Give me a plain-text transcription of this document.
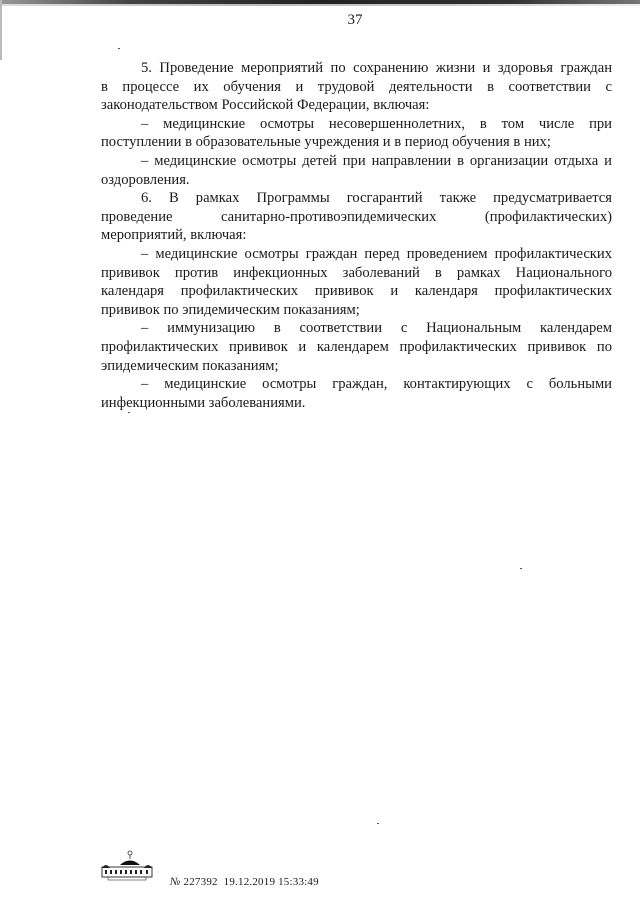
37
5. Проведение мероприятий по сохранению жизни и здоровья граждан
в процессе их обучения и трудовой деятельности в соответствии с
законодательством Российской Федерации, включая:
– медицинские осмотры несовершеннолетних, в том числе при
поступлении в образовательные учреждения и в период обучения в них;
– медицинские осмотры детей при направлении в организации отдыха и
оздоровления.
6. В рамках Программы госгарантий также предусматривается
проведение санитарно-противоэпидемических (профилактических)
мероприятий, включая:
– медицинские осмотры граждан перед проведением профилактических
прививок против инфекционных заболеваний в рамках Национального
календаря профилактических прививок и календаря профилактических
прививок по эпидемическим показаниям;
– иммунизацию в соответствии с Национальным календарем
профилактических прививок и календарем профилактических прививок по
эпидемическим показаниям;
– медицинские осмотры граждан, контактирующих с больными
инфекционными заболеваниями.
№ 227392 19.12.2019 15:33:49
